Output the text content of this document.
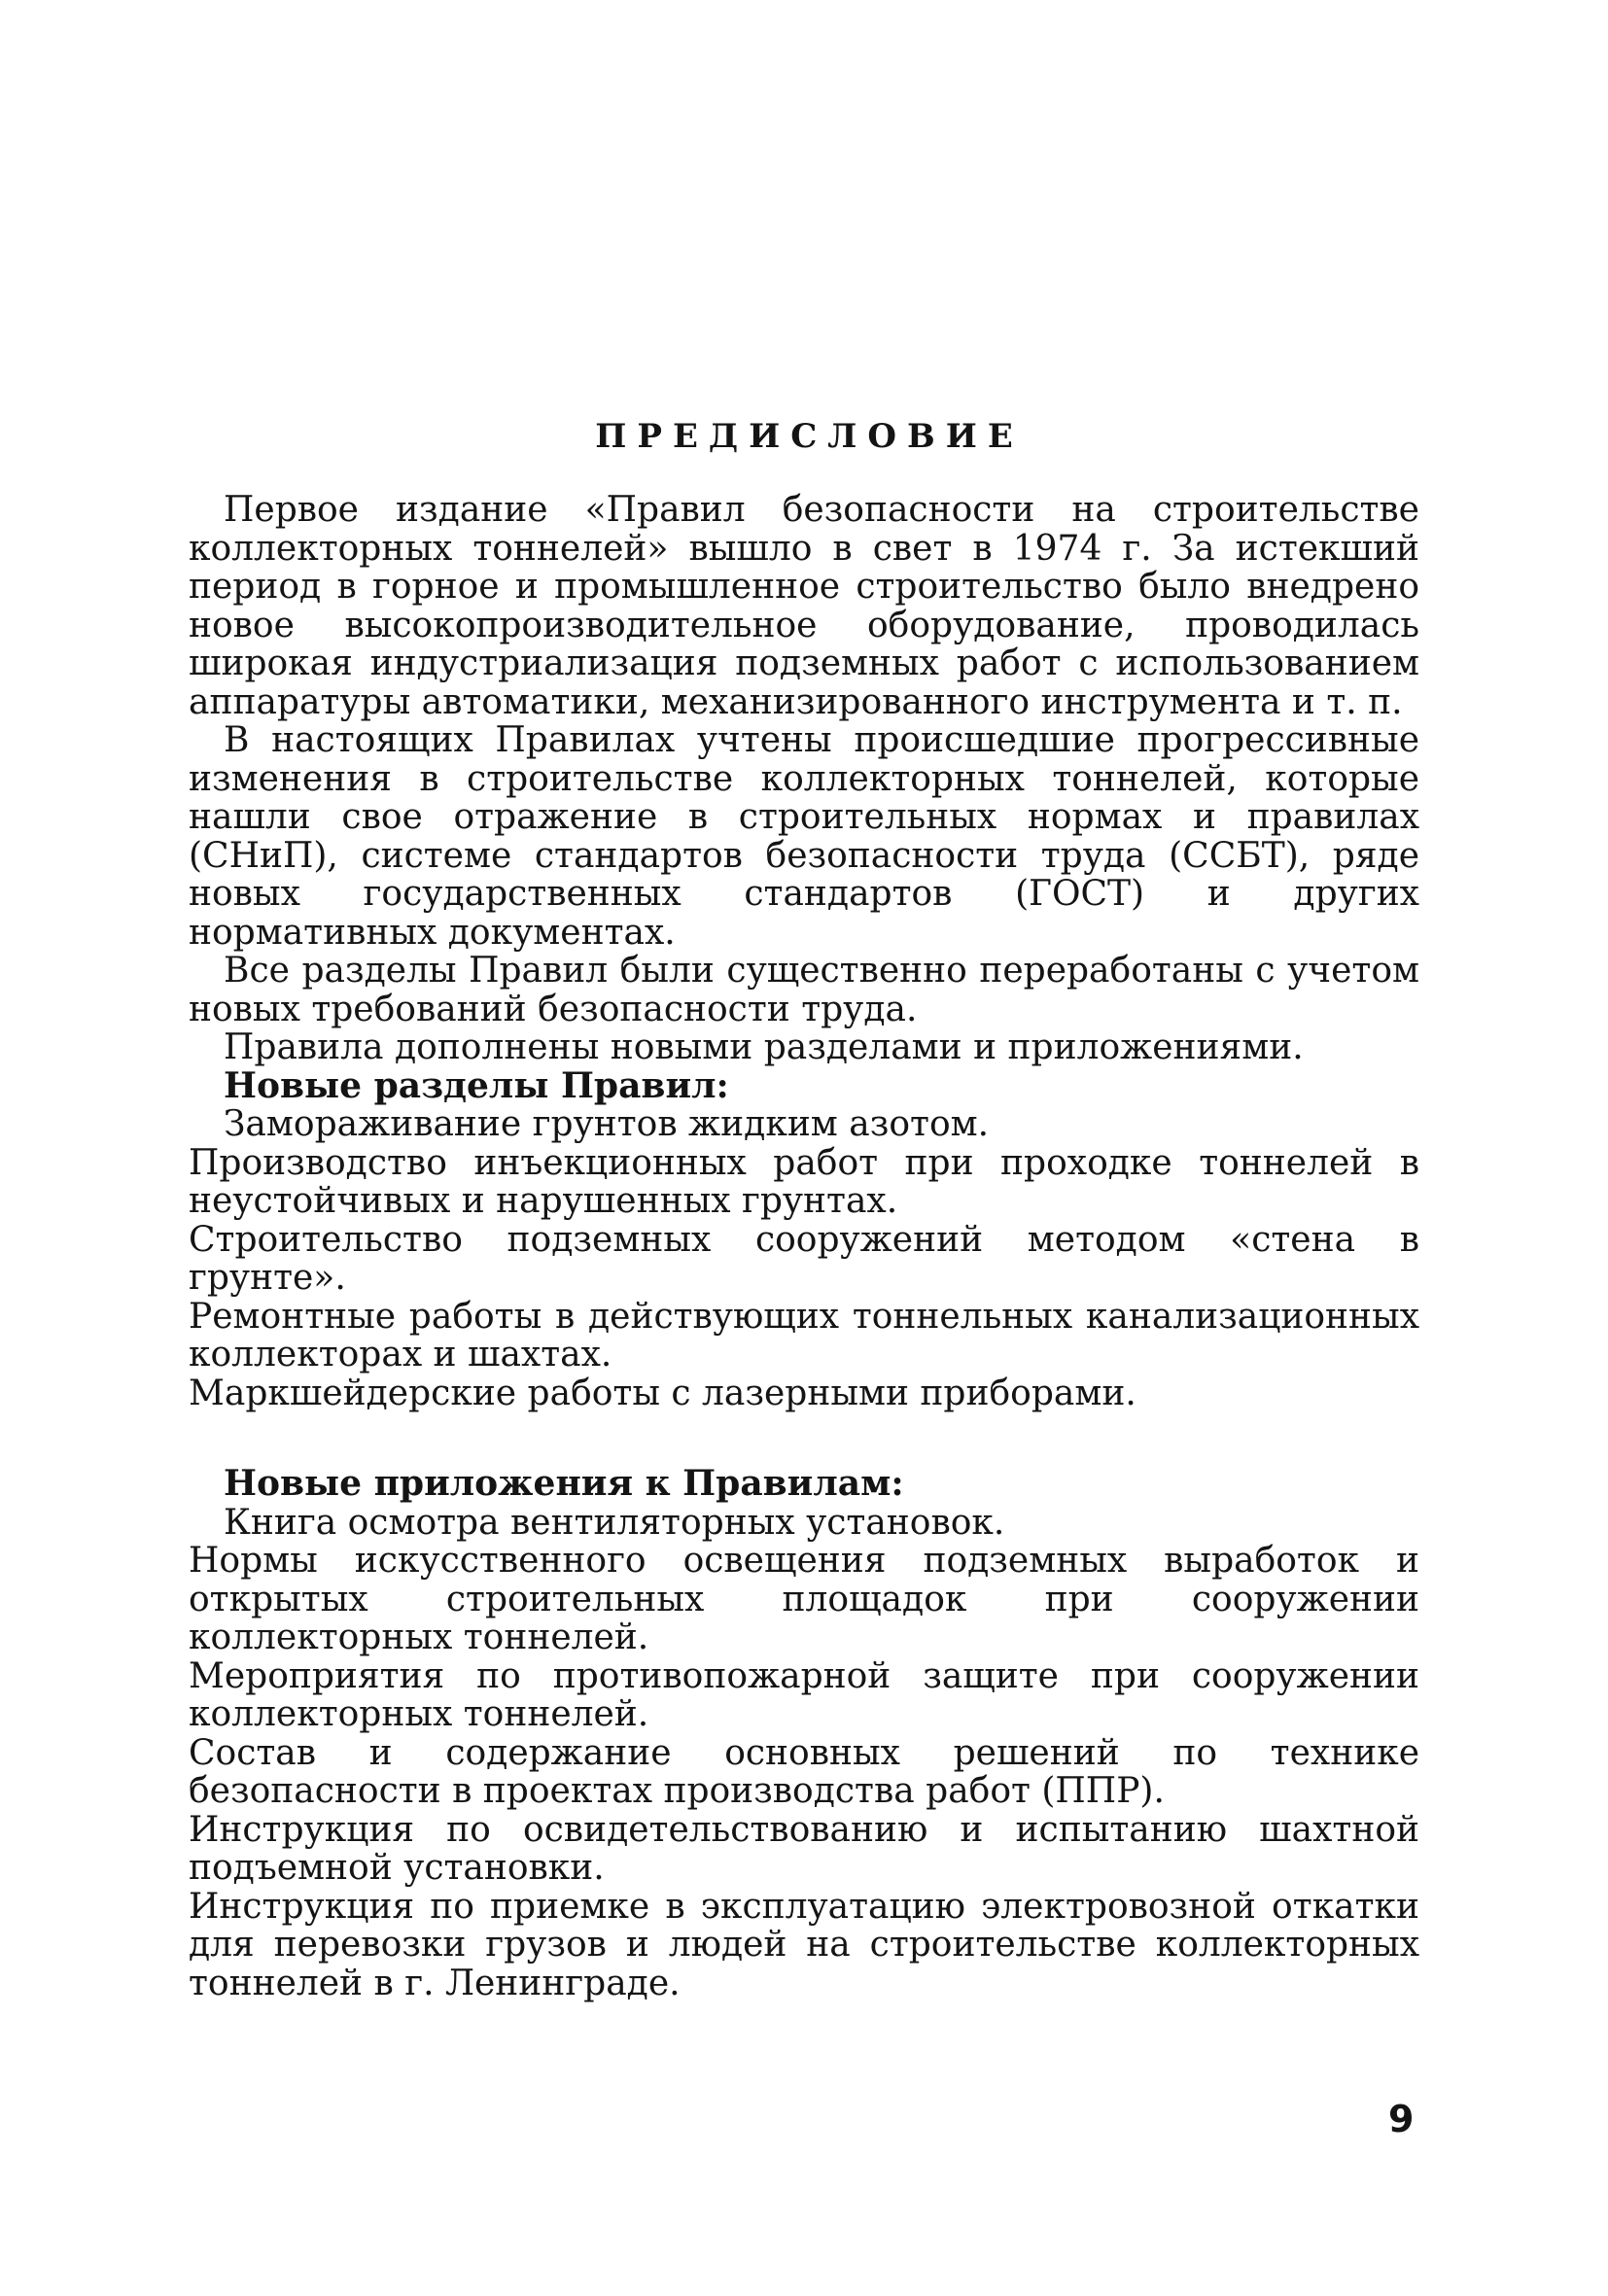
ПРЕДИСЛОВИЕ

Первое издание «Правил безопасности на строительстве коллекторных тоннелей» вышло в свет в 1974 г. За истекший период в горное и промышленное строительство было внедрено новое высокопроизводительное оборудование, проводилась широкая индустриализация подземных работ с использованием аппаратуры автоматики, механизированного инструмента и т. п.

В настоящих Правилах учтены происшедшие прогрессивные изменения в строительстве коллекторных тоннелей, которые нашли свое отражение в строительных нормах и правилах (СНиП), системе стандартов безопасности труда (ССБТ), ряде новых государственных стандартов (ГОСТ) и других нормативных документах.

Все разделы Правил были существенно переработаны с учетом новых требований безопасности труда.

Правила дополнены новыми разделами и приложениями.

Новые разделы Правил:

Замораживание грунтов жидким азотом.

Производство инъекционных работ при проходке тоннелей в неустойчивых и нарушенных грунтах.

Строительство подземных сооружений методом «стена в грунте».

Ремонтные работы в действующих тоннельных канализационных коллекторах и шахтах.

Маркшейдерские работы с лазерными приборами.

Новые приложения к Правилам:

Книга осмотра вентиляторных установок.

Нормы искусственного освещения подземных выработок и открытых строительных площадок при сооружении коллекторных тоннелей.

Мероприятия по противопожарной защите при сооружении коллекторных тоннелей.

Состав и содержание основных решений по технике безопасности в проектах производства работ (ППР).

Инструкция по освидетельствованию и испытанию шахтной подъемной установки.

Инструкция по приемке в эксплуатацию электровозной откатки для перевозки грузов и людей на строительстве коллекторных тоннелей в г. Ленинграде.

9
